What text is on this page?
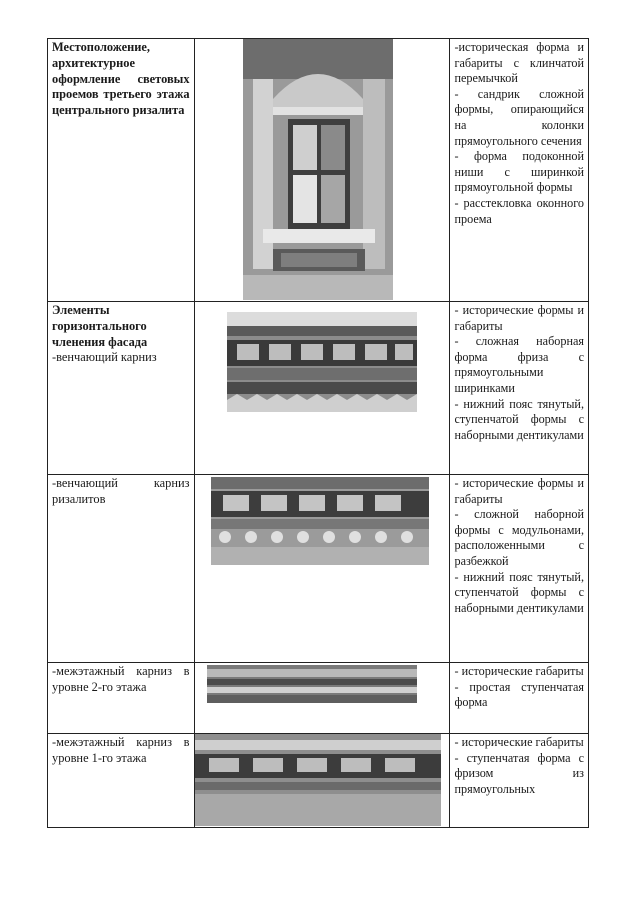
Местоположение, архитектурное оформление световых проемов третьего этажа центрального ризалита		-историческая форма и габариты с клинчатой перемычкой
- сандрик сложной формы, опирающийся на колонки прямоугольного сечения
- форма подоконной ниши с ширинкой прямоугольной формы
- расстекловка оконного проема

Элементы горизонтального членения фасада
-венчающий карниз		- исторические формы и габариты
- сложная наборная форма фриза с прямоугольными ширинками
- нижний пояс тянутый, ступенчатой формы с наборными дентикулами

-венчающий карниз ризалитов		- исторические формы и габариты
- сложной наборной формы с модульонами, расположенными с разбежкой
- нижний пояс тянутый, ступенчатой формы с наборными дентикулами

-межэтажный карниз в уровне 2-го этажа		- исторические габариты
- простая ступенчатая форма

-межэтажный карниз в уровне 1-го этажа		- исторические габариты
- ступенчатая форма с фризом из прямоугольных
